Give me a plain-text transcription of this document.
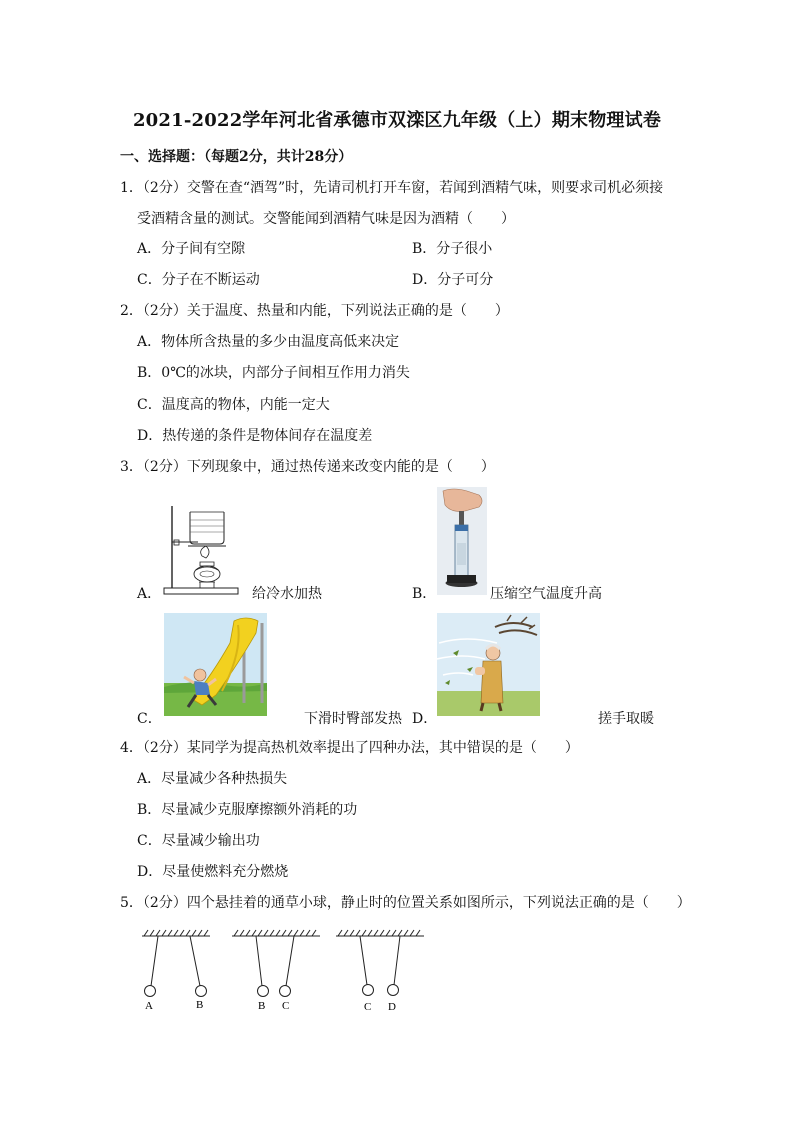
2021-2022学年河北省承德市双滦区九年级（上）期末物理试卷
一、选择题：（每题2分，共计28分）
1．（2分）交警在查“酒驾”时，先请司机打开车窗，若闻到酒精气味，则要求司机必须接
受酒精含量的测试。交警能闻到酒精气味是因为酒精（　　）
A．分子间有空隙	B．分子很小
C．分子在不断运动	D．分子可分
2．（2分）关于温度、热量和内能，下列说法正确的是（　　）
A．物体所含热量的多少由温度高低来决定
B．0℃的冰块，内部分子间相互作用力消失
C．温度高的物体，内能一定大
D．热传递的条件是物体间存在温度差
3．（2分）下列现象中，通过热传递来改变内能的是（　　）
A．	给冷水加热	B．	压缩空气温度升高
C．	下滑时臀部发热 D．	搓手取暖
4．（2分）某同学为提高热机效率提出了四种办法，其中错误的是（　　）
A．尽量减少各种热损失
B．尽量减少克服摩擦额外消耗的功
C．尽量减少输出功
D．尽量使燃料充分燃烧
5．（2分）四个悬挂着的通草小球，静止时的位置关系如图所示，下列说法正确的是（　　）
A	B	B C	C D
